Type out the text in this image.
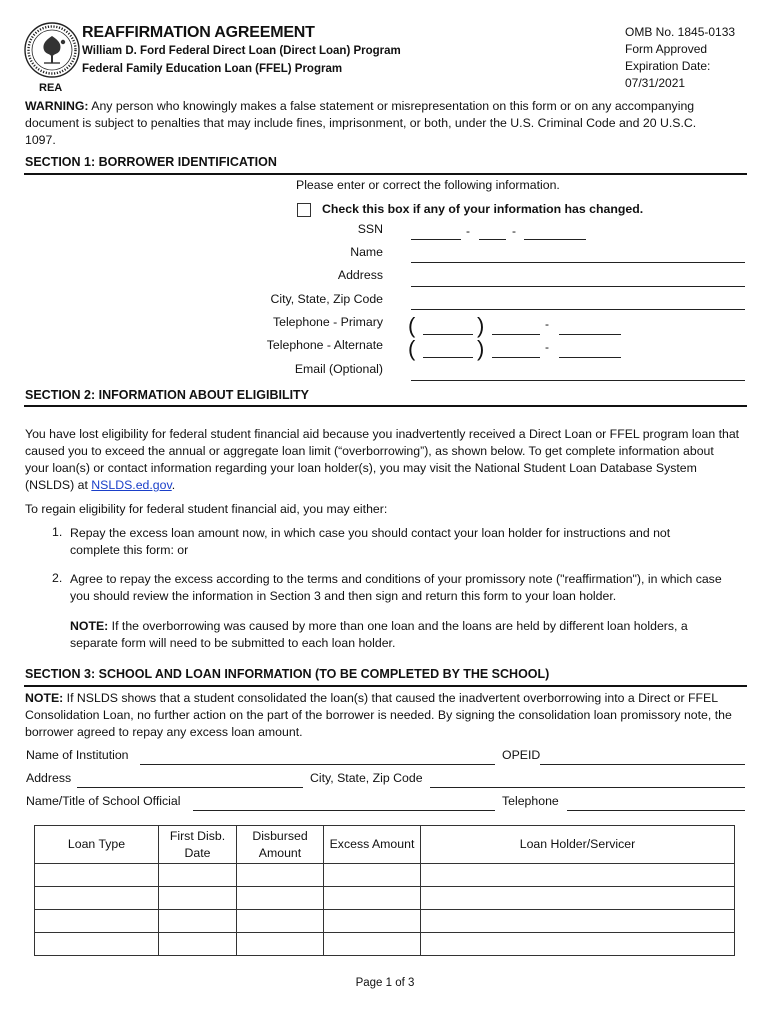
REAFFIRMATION AGREEMENT
William D. Ford Federal Direct Loan (Direct Loan) Program
Federal Family Education Loan (FFEL) Program
REA
OMB No. 1845-0133
Form Approved
Expiration Date:
07/31/2021
WARNING: Any person who knowingly makes a false statement or misrepresentation on this form or on any accompanying document is subject to penalties that may include fines, imprisonment, or both, under the U.S. Criminal Code and 20 U.S.C. 1097.
SECTION 1: BORROWER IDENTIFICATION
Please enter or correct the following information.
Check this box if any of your information has changed.
SSN	-	-
Name
Address
City, State, Zip Code
Telephone - Primary (	)	-
Telephone - Alternate (	)	-
Email (Optional)
SECTION 2: INFORMATION ABOUT ELIGIBILITY
You have lost eligibility for federal student financial aid because you inadvertently received a Direct Loan or FFEL program loan that caused you to exceed the annual or aggregate loan limit (“overborrowing”), as shown below. To get complete information about your loan(s) or contact information regarding your loan holder(s), you may visit the National Student Loan Database System (NSLDS) at NSLDS.ed.gov.
To regain eligibility for federal student financial aid, you may either:
1. Repay the excess loan amount now, in which case you should contact your loan holder for instructions and not complete this form: or
2. Agree to repay the excess according to the terms and conditions of your promissory note ("reaffirmation"), in which case you should review the information in Section 3 and then sign and return this form to your loan holder.
NOTE: If the overborrowing was caused by more than one loan and the loans are held by different loan holders, a separate form will need to be submitted to each loan holder.
SECTION 3: SCHOOL AND LOAN INFORMATION (TO BE COMPLETED BY THE SCHOOL)
NOTE: If NSLDS shows that a student consolidated the loan(s) that caused the inadvertent overborrowing into a Direct or FFEL Consolidation Loan, no further action on the part of the borrower is needed. By signing the consolidation loan promissory note, the borrower agreed to repay any excess loan amount.
Name of Institution	OPEID
Address	City, State, Zip Code
Name/Title of School Official	Telephone
Loan Type	First Disb. Date	Disbursed Amount	Excess Amount	Loan Holder/Servicer

Page 1 of 3
